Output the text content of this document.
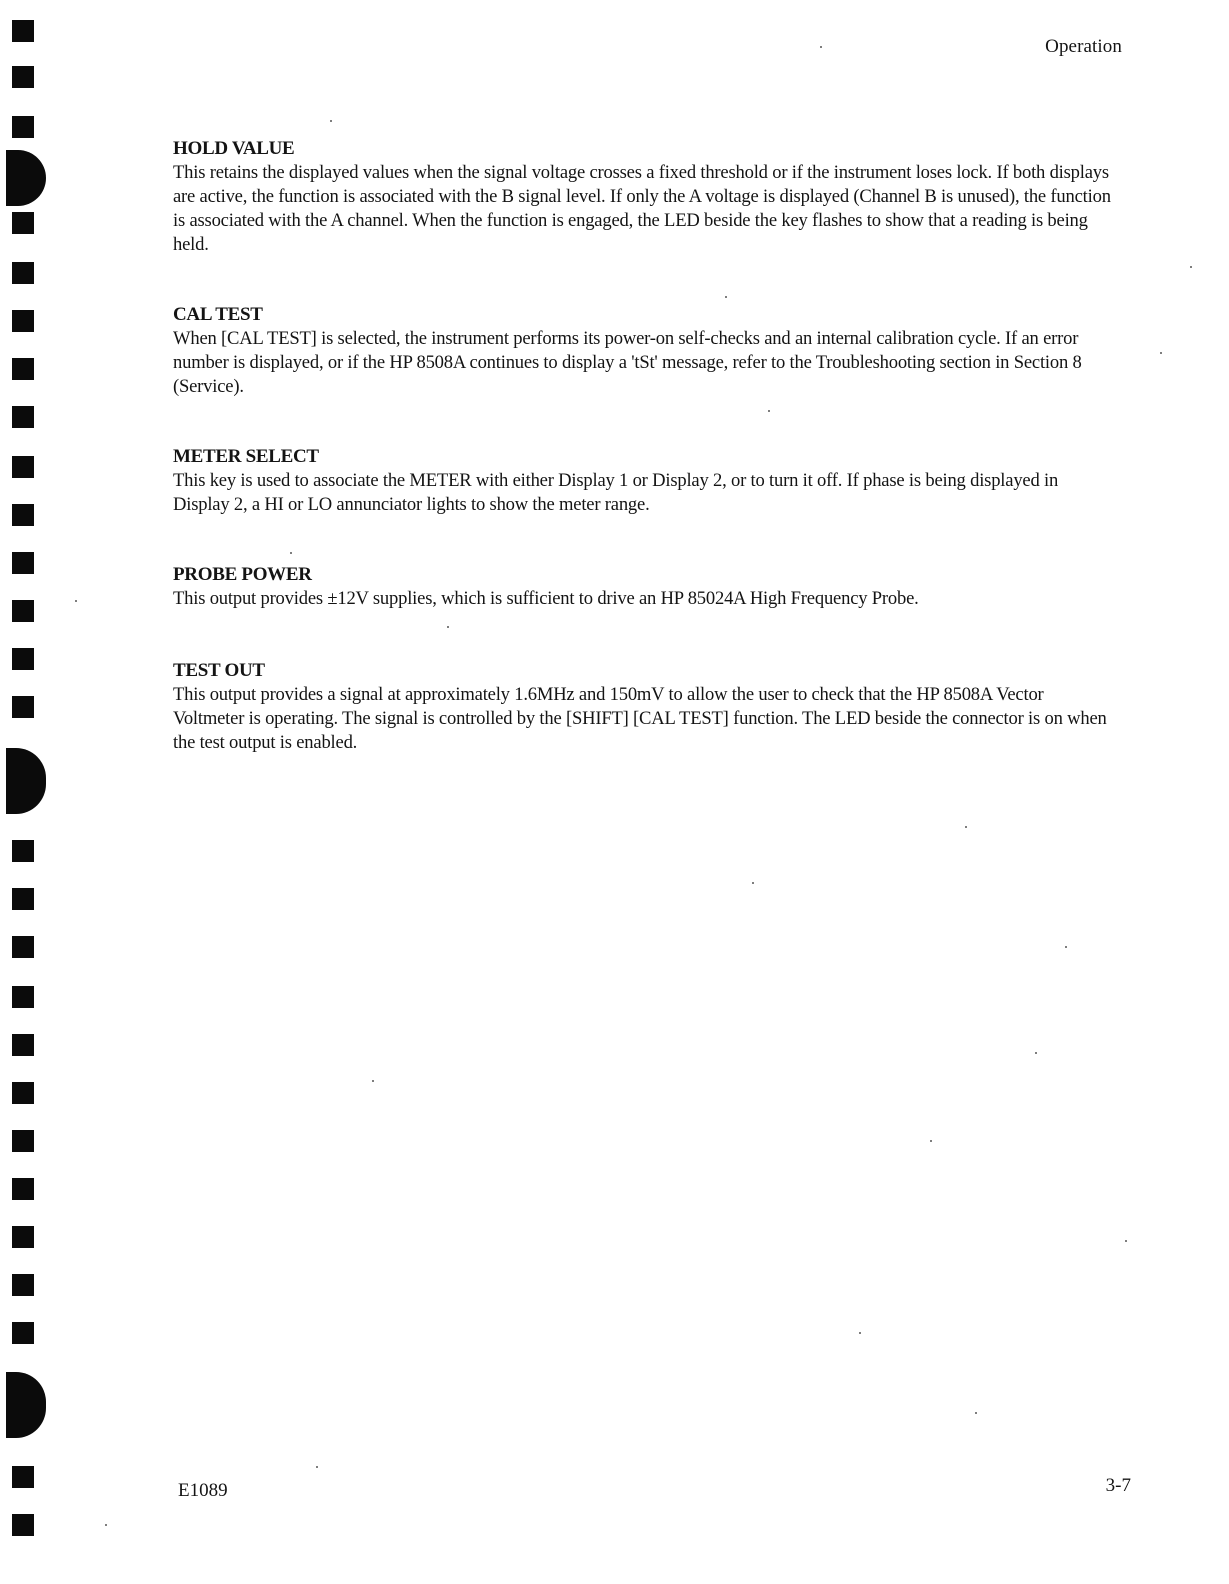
Operation
HOLD VALUE

This retains the displayed values when the signal voltage crosses a fixed threshold or if the instrument loses lock. If both displays are active, the function is associated with the B signal level. If only the A voltage is displayed (Channel B is unused), the function is associated with the A channel. When the function is engaged, the LED beside the key flashes to show that a reading is being held.

CAL TEST

When [CAL TEST] is selected, the instrument performs its power-on self-checks and an internal calibration cycle. If an error number is displayed, or if the HP 8508A continues to display a 'tSt' message, refer to the Troubleshooting section in Section 8 (Service).

METER SELECT

This key is used to associate the METER with either Display 1 or Display 2, or to turn it off. If phase is being displayed in Display 2, a HI or LO annunciator lights to show the meter range.

PROBE POWER

This output provides ±12V supplies, which is sufficient to drive an HP 85024A High Frequency Probe.

TEST OUT

This output provides a signal at approximately 1.6MHz and 150mV to allow the user to check that the HP 8508A Vector Voltmeter is operating. The signal is controlled by the [SHIFT] [CAL TEST] function. The LED beside the connector is on when the test output is enabled.

E1089	3-7
